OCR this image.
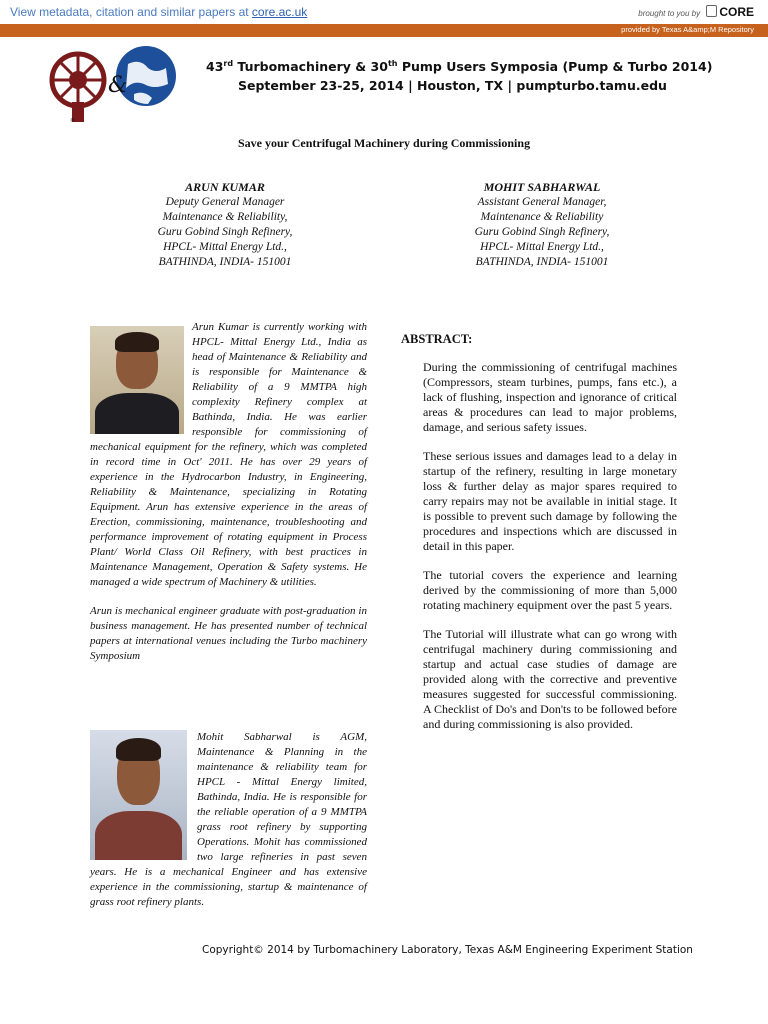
View metadata, citation and similar papers at core.ac.uk	brought to you by CORE
provided by Texas A&amp;M Repository
&
®
43rd Turbomachinery & 30th Pump Users Symposia (Pump & Turbo 2014)
September 23-25, 2014 | Houston, TX | pumpturbo.tamu.edu
Save your Centrifugal Machinery during Commissioning
ARUN KUMAR
Deputy General Manager
Maintenance & Reliability,
Guru Gobind Singh Refinery,
HPCL- Mittal Energy Ltd.,
BATHINDA, INDIA- 151001
MOHIT SABHARWAL
Assistant General Manager,
Maintenance & Reliability
Guru Gobind Singh Refinery,
HPCL- Mittal Energy Ltd.,
BATHINDA, INDIA- 151001
Arun Kumar is currently working with HPCL- Mittal Energy Ltd., India as head of Maintenance & Reliability and is responsible for Maintenance & Reliability of a 9 MMTPA high complexity Refinery complex at Bathinda, India. He was earlier responsible for commissioning of mechanical equipment for the refinery, which was completed in record time in Oct' 2011. He has over 29 years of experience in the Hydrocarbon Industry, in Engineering, Reliability & Maintenance, specializing in Rotating Equipment. Arun has extensive experience in the areas of Erection, commissioning, maintenance, troubleshooting and performance improvement of rotating equipment in Process Plant/ World Class Oil Refinery, with best practices in Maintenance Management, Operation & Safety systems. He managed a wide spectrum of Machinery & utilities.
Arun is mechanical engineer graduate with post-graduation in business management. He has presented number of technical papers at international venues including the Turbo machinery Symposium
Mohit Sabharwal is AGM, Maintenance & Planning in the maintenance & reliability team for HPCL - Mittal Energy limited, Bathinda, India. He is responsible for the reliable operation of a 9 MMTPA grass root refinery by supporting Operations. Mohit has commissioned two large refineries in past seven years. He is a mechanical Engineer and has extensive experience in the commissioning, startup & maintenance of grass root refinery plants.
ABSTRACT:

During the commissioning of centrifugal machines (Compressors, steam turbines, pumps, fans etc.), a lack of flushing, inspection and ignorance of critical areas & procedures can lead to major problems, damage, and serious safety issues.

These serious issues and damages lead to a delay in startup of the refinery, resulting in large monetary loss & further delay as major spares required to carry repairs may not be available in initial stage. It is possible to prevent such damage by following the procedures and inspections which are discussed in detail in this paper.

The tutorial covers the experience and learning derived by the commissioning of more than 5,000 rotating machinery equipment over the past 5 years.

The Tutorial will illustrate what can go wrong with centrifugal machinery during commissioning and startup and actual case studies of damage are provided along with the corrective and preventive measures suggested for successful commissioning. A Checklist of Do's and Don'ts to be followed before and during commissioning is also provided.

Copyright© 2014 by Turbomachinery Laboratory, Texas A&M Engineering Experiment Station
